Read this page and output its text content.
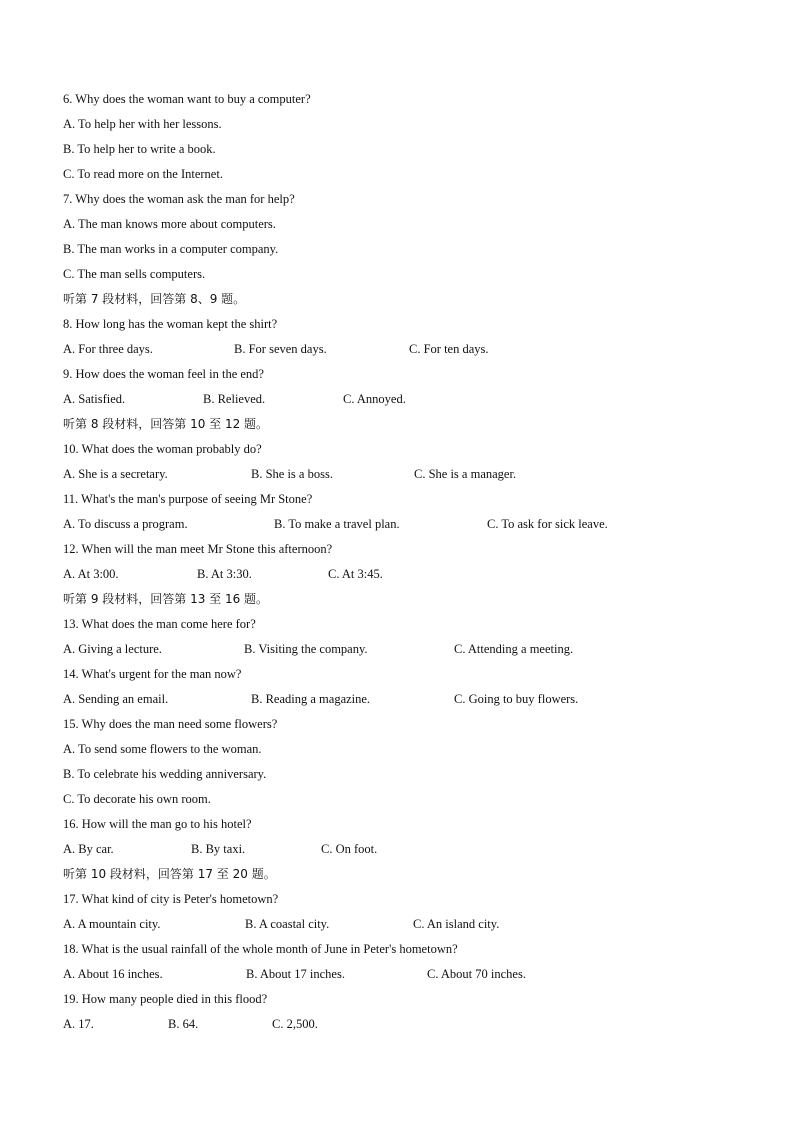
6. Why does the woman want to buy a computer?
A. To help her with her lessons.
B. To help her to write a book.
C. To read more on the Internet.
7. Why does the woman ask the man for help?
A. The man knows more about computers.
B. The man works in a computer company.
C. The man sells computers.
听第 7 段材料，回答第 8、9 题。
8. How long has the woman kept the shirt?
A. For three days.	B. For seven days.	C. For ten days.
9. How does the woman feel in the end?
A. Satisfied.	B. Relieved.	C. Annoyed.
听第 8 段材料，回答第 10 至 12 题。
10. What does the woman probably do?
A. She is a secretary.	B. She is a boss.	C. She is a manager.
11. What's the man's purpose of seeing Mr Stone?
A. To discuss a program.	B. To make a travel plan.	C. To ask for sick leave.
12. When will the man meet Mr Stone this afternoon?
A. At 3:00.	B. At 3:30.	C. At 3:45.
听第 9 段材料，回答第 13 至 16 题。
13. What does the man come here for?
A. Giving a lecture.	B. Visiting the company.	C. Attending a meeting.
14. What's urgent for the man now?
A. Sending an email.	B. Reading a magazine.	C. Going to buy flowers.
15. Why does the man need some flowers?
A. To send some flowers to the woman.
B. To celebrate his wedding anniversary.
C. To decorate his own room.
16. How will the man go to his hotel?
A. By car.	B. By taxi.	C. On foot.
听第 10 段材料，回答第 17 至 20 题。
17. What kind of city is Peter's hometown?
A. A mountain city.	B. A coastal city.	C. An island city.
18. What is the usual rainfall of the whole month of June in Peter's hometown?
A. About 16 inches.	B. About 17 inches.	C. About 70 inches.
19. How many people died in this flood?
A. 17.	B. 64.	C. 2,500.
